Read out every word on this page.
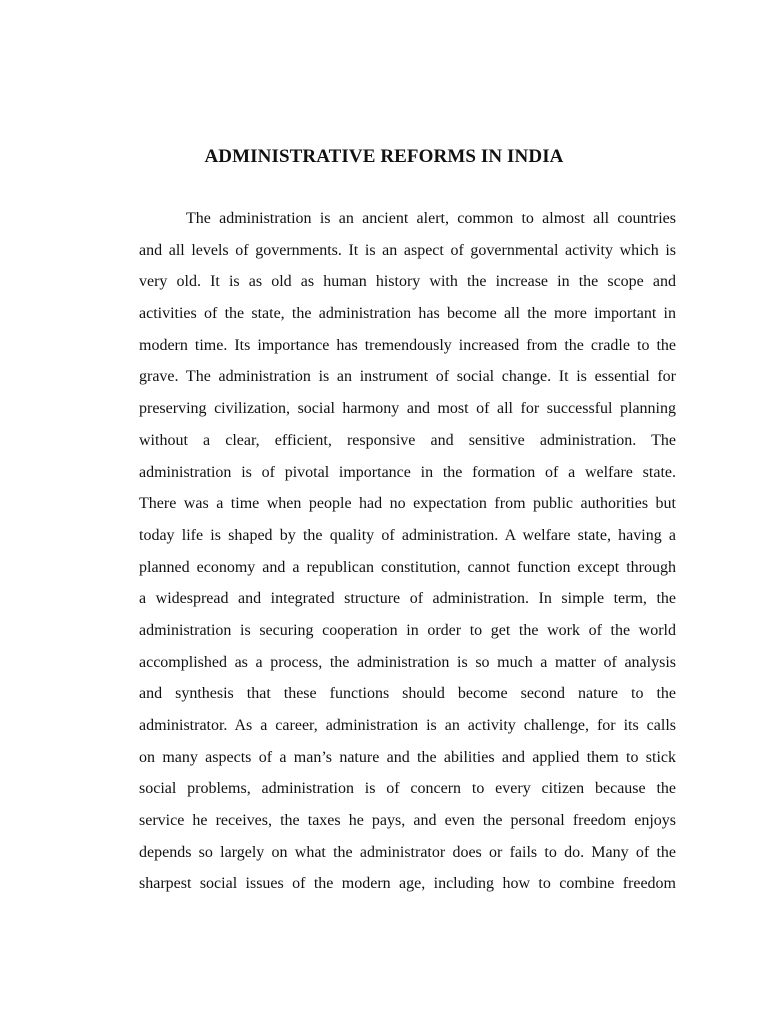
ADMINISTRATIVE REFORMS IN INDIA
The administration is an ancient alert, common to almost all countries
and all levels of governments. It is an aspect of governmental activity which is
very old. It is as old as human history with the increase in the scope and
activities of the state, the administration has become all the more important in
modern time. Its importance has tremendously increased from the cradle to the
grave. The administration is an instrument of social change. It is essential for
preserving civilization, social harmony and most of all for successful planning
without a clear, efficient, responsive and sensitive administration. The
administration is of pivotal importance in the formation of a welfare state.
There was a time when people had no expectation from public authorities but
today life is shaped by the quality of administration. A welfare state, having a
planned economy and a republican constitution, cannot function except through
a widespread and integrated structure of administration. In simple term, the
administration is securing cooperation in order to get the work of the world
accomplished as a process, the administration is so much a matter of analysis
and synthesis that these functions should become second nature to the
administrator. As a career, administration is an activity challenge, for its calls
on many aspects of a man’s nature and the abilities and applied them to stick
social problems, administration is of concern to every citizen because the
service he receives, the taxes he pays, and even the personal freedom enjoys
depends so largely on what the administrator does or fails to do. Many of the
sharpest social issues of the modern age, including how to combine freedom
